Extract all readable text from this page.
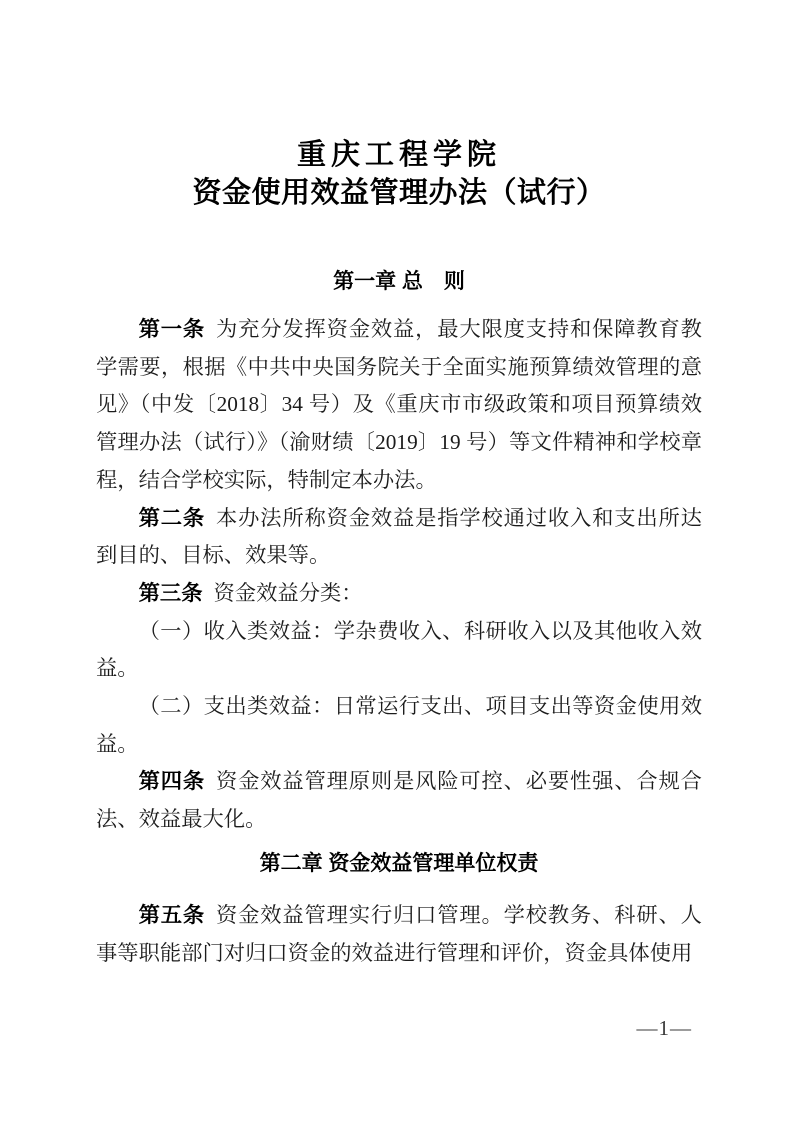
重庆工程学院
资金使用效益管理办法（试行）
第一章 总　则

第一条 为充分发挥资金效益，最大限度支持和保障教育教学需要，根据《中共中央国务院关于全面实施预算绩效管理的意见》（中发〔2018〕34 号）及《重庆市市级政策和项目预算绩效管理办法（试行）》（渝财绩〔2019〕19 号）等文件精神和学校章程，结合学校实际，特制定本办法。

第二条 本办法所称资金效益是指学校通过收入和支出所达到目的、目标、效果等。

第三条 资金效益分类：

（一）收入类效益：学杂费收入、科研收入以及其他收入效益。

（二）支出类效益：日常运行支出、项目支出等资金使用效益。

第四条 资金效益管理原则是风险可控、必要性强、合规合法、效益最大化。

第二章 资金效益管理单位权责

第五条 资金效益管理实行归口管理。学校教务、科研、人事等职能部门对归口资金的效益进行管理和评价，资金具体使用

—1—
